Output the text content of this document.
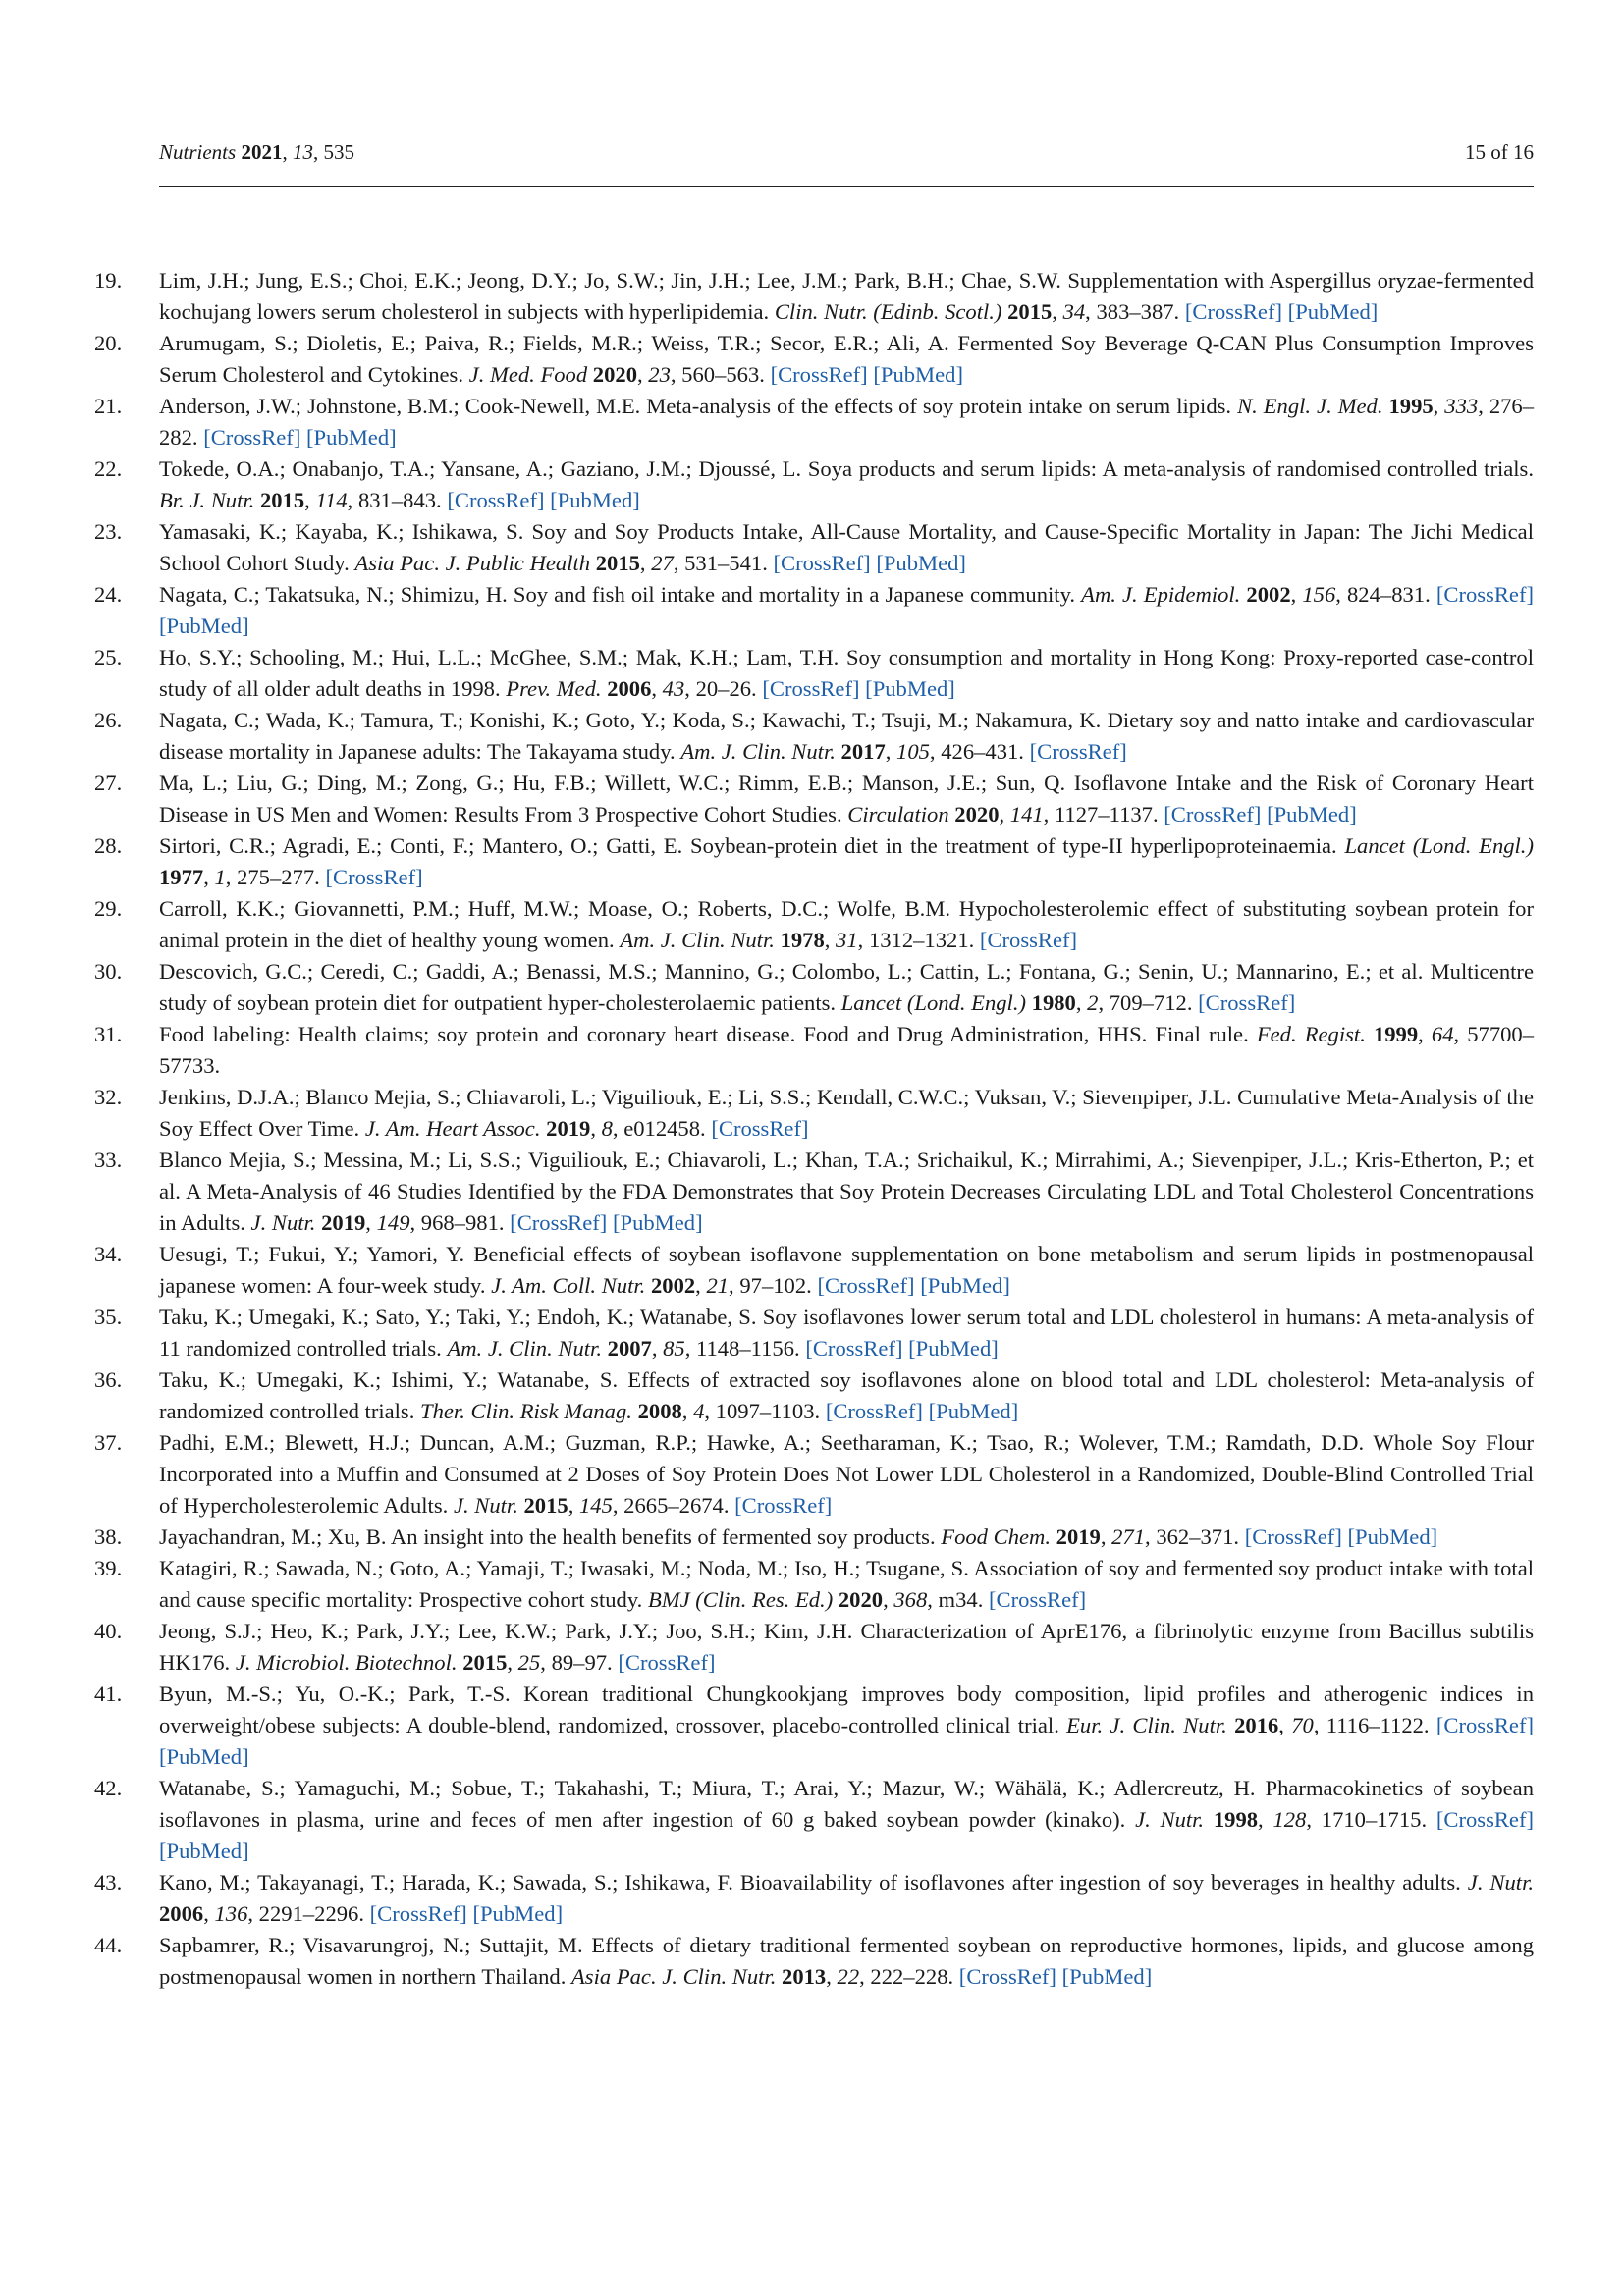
Nutrients 2021, 13, 535	15 of 16
19. Lim, J.H.; Jung, E.S.; Choi, E.K.; Jeong, D.Y.; Jo, S.W.; Jin, J.H.; Lee, J.M.; Park, B.H.; Chae, S.W. Supplementation with Aspergillus oryzae-fermented kochujang lowers serum cholesterol in subjects with hyperlipidemia. Clin. Nutr. (Edinb. Scotl.) 2015, 34, 383–387. [CrossRef] [PubMed]
20. Arumugam, S.; Dioletis, E.; Paiva, R.; Fields, M.R.; Weiss, T.R.; Secor, E.R.; Ali, A. Fermented Soy Beverage Q-CAN Plus Consumption Improves Serum Cholesterol and Cytokines. J. Med. Food 2020, 23, 560–563. [CrossRef] [PubMed]
21. Anderson, J.W.; Johnstone, B.M.; Cook-Newell, M.E. Meta-analysis of the effects of soy protein intake on serum lipids. N. Engl. J. Med. 1995, 333, 276–282. [CrossRef] [PubMed]
22. Tokede, O.A.; Onabanjo, T.A.; Yansane, A.; Gaziano, J.M.; Djoussé, L. Soya products and serum lipids: A meta-analysis of randomised controlled trials. Br. J. Nutr. 2015, 114, 831–843. [CrossRef] [PubMed]
23. Yamasaki, K.; Kayaba, K.; Ishikawa, S. Soy and Soy Products Intake, All-Cause Mortality, and Cause-Specific Mortality in Japan: The Jichi Medical School Cohort Study. Asia Pac. J. Public Health 2015, 27, 531–541. [CrossRef] [PubMed]
24. Nagata, C.; Takatsuka, N.; Shimizu, H. Soy and fish oil intake and mortality in a Japanese community. Am. J. Epidemiol. 2002, 156, 824–831. [CrossRef] [PubMed]
25. Ho, S.Y.; Schooling, M.; Hui, L.L.; McGhee, S.M.; Mak, K.H.; Lam, T.H. Soy consumption and mortality in Hong Kong: Proxy-reported case-control study of all older adult deaths in 1998. Prev. Med. 2006, 43, 20–26. [CrossRef] [PubMed]
26. Nagata, C.; Wada, K.; Tamura, T.; Konishi, K.; Goto, Y.; Koda, S.; Kawachi, T.; Tsuji, M.; Nakamura, K. Dietary soy and natto intake and cardiovascular disease mortality in Japanese adults: The Takayama study. Am. J. Clin. Nutr. 2017, 105, 426–431. [CrossRef]
27. Ma, L.; Liu, G.; Ding, M.; Zong, G.; Hu, F.B.; Willett, W.C.; Rimm, E.B.; Manson, J.E.; Sun, Q. Isoflavone Intake and the Risk of Coronary Heart Disease in US Men and Women: Results From 3 Prospective Cohort Studies. Circulation 2020, 141, 1127–1137. [CrossRef] [PubMed]
28. Sirtori, C.R.; Agradi, E.; Conti, F.; Mantero, O.; Gatti, E. Soybean-protein diet in the treatment of type-II hyperlipoproteinaemia. Lancet (Lond. Engl.) 1977, 1, 275–277. [CrossRef]
29. Carroll, K.K.; Giovannetti, P.M.; Huff, M.W.; Moase, O.; Roberts, D.C.; Wolfe, B.M. Hypocholesterolemic effect of substituting soybean protein for animal protein in the diet of healthy young women. Am. J. Clin. Nutr. 1978, 31, 1312–1321. [CrossRef]
30. Descovich, G.C.; Ceredi, C.; Gaddi, A.; Benassi, M.S.; Mannino, G.; Colombo, L.; Cattin, L.; Fontana, G.; Senin, U.; Mannarino, E.; et al. Multicentre study of soybean protein diet for outpatient hyper-cholesterolaemic patients. Lancet (Lond. Engl.) 1980, 2, 709–712. [CrossRef]
31. Food labeling: Health claims; soy protein and coronary heart disease. Food and Drug Administration, HHS. Final rule. Fed. Regist. 1999, 64, 57700–57733.
32. Jenkins, D.J.A.; Blanco Mejia, S.; Chiavaroli, L.; Viguiliouk, E.; Li, S.S.; Kendall, C.W.C.; Vuksan, V.; Sievenpiper, J.L. Cumulative Meta-Analysis of the Soy Effect Over Time. J. Am. Heart Assoc. 2019, 8, e012458. [CrossRef]
33. Blanco Mejia, S.; Messina, M.; Li, S.S.; Viguiliouk, E.; Chiavaroli, L.; Khan, T.A.; Srichaikul, K.; Mirrahimi, A.; Sievenpiper, J.L.; Kris-Etherton, P.; et al. A Meta-Analysis of 46 Studies Identified by the FDA Demonstrates that Soy Protein Decreases Circulating LDL and Total Cholesterol Concentrations in Adults. J. Nutr. 2019, 149, 968–981. [CrossRef] [PubMed]
34. Uesugi, T.; Fukui, Y.; Yamori, Y. Beneficial effects of soybean isoflavone supplementation on bone metabolism and serum lipids in postmenopausal japanese women: A four-week study. J. Am. Coll. Nutr. 2002, 21, 97–102. [CrossRef] [PubMed]
35. Taku, K.; Umegaki, K.; Sato, Y.; Taki, Y.; Endoh, K.; Watanabe, S. Soy isoflavones lower serum total and LDL cholesterol in humans: A meta-analysis of 11 randomized controlled trials. Am. J. Clin. Nutr. 2007, 85, 1148–1156. [CrossRef] [PubMed]
36. Taku, K.; Umegaki, K.; Ishimi, Y.; Watanabe, S. Effects of extracted soy isoflavones alone on blood total and LDL cholesterol: Meta-analysis of randomized controlled trials. Ther. Clin. Risk Manag. 2008, 4, 1097–1103. [CrossRef] [PubMed]
37. Padhi, E.M.; Blewett, H.J.; Duncan, A.M.; Guzman, R.P.; Hawke, A.; Seetharaman, K.; Tsao, R.; Wolever, T.M.; Ramdath, D.D. Whole Soy Flour Incorporated into a Muffin and Consumed at 2 Doses of Soy Protein Does Not Lower LDL Cholesterol in a Randomized, Double-Blind Controlled Trial of Hypercholesterolemic Adults. J. Nutr. 2015, 145, 2665–2674. [CrossRef]
38. Jayachandran, M.; Xu, B. An insight into the health benefits of fermented soy products. Food Chem. 2019, 271, 362–371. [CrossRef] [PubMed]
39. Katagiri, R.; Sawada, N.; Goto, A.; Yamaji, T.; Iwasaki, M.; Noda, M.; Iso, H.; Tsugane, S. Association of soy and fermented soy product intake with total and cause specific mortality: Prospective cohort study. BMJ (Clin. Res. Ed.) 2020, 368, m34. [CrossRef]
40. Jeong, S.J.; Heo, K.; Park, J.Y.; Lee, K.W.; Park, J.Y.; Joo, S.H.; Kim, J.H. Characterization of AprE176, a fibrinolytic enzyme from Bacillus subtilis HK176. J. Microbiol. Biotechnol. 2015, 25, 89–97. [CrossRef]
41. Byun, M.-S.; Yu, O.-K.; Park, T.-S. Korean traditional Chungkookjang improves body composition, lipid profiles and atherogenic indices in overweight/obese subjects: A double-blend, randomized, crossover, placebo-controlled clinical trial. Eur. J. Clin. Nutr. 2016, 70, 1116–1122. [CrossRef] [PubMed]
42. Watanabe, S.; Yamaguchi, M.; Sobue, T.; Takahashi, T.; Miura, T.; Arai, Y.; Mazur, W.; Wähälä, K.; Adlercreutz, H. Pharmacokinetics of soybean isoflavones in plasma, urine and feces of men after ingestion of 60 g baked soybean powder (kinako). J. Nutr. 1998, 128, 1710–1715. [CrossRef] [PubMed]
43. Kano, M.; Takayanagi, T.; Harada, K.; Sawada, S.; Ishikawa, F. Bioavailability of isoflavones after ingestion of soy beverages in healthy adults. J. Nutr. 2006, 136, 2291–2296. [CrossRef] [PubMed]
44. Sapbamrer, R.; Visavarungroj, N.; Suttajit, M. Effects of dietary traditional fermented soybean on reproductive hormones, lipids, and glucose among postmenopausal women in northern Thailand. Asia Pac. J. Clin. Nutr. 2013, 22, 222–228. [CrossRef] [PubMed]
